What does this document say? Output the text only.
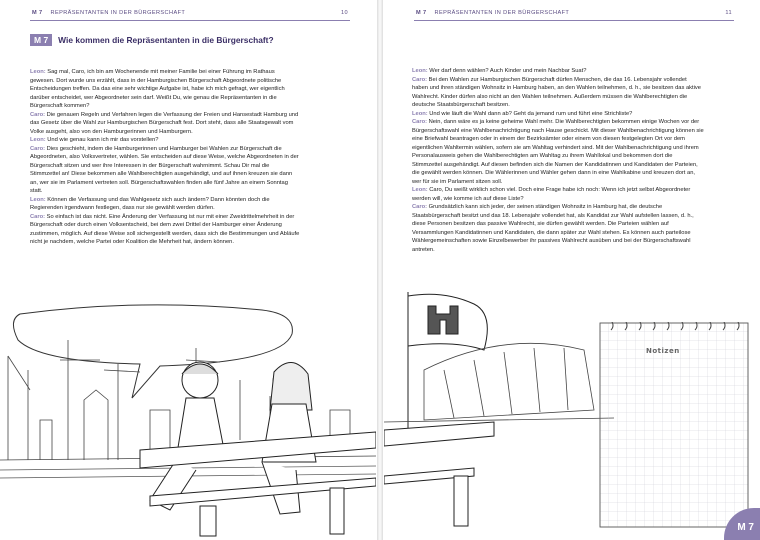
M 7 REPRÄSENTANTEN IN DER BÜRGERSCHAFT	10
M 7	Wie kommen die Repräsentanten in die Bürgerschaft?

Leon: Sag mal, Caro, ich bin am Wochenende mit meiner Familie bei einer Führung im Rathaus gewesen. Dort wurde uns erzählt, dass in der Hamburgischen Bürgerschaft Abgeordnete politische Entscheidungen treffen. Da das eine sehr wichtige Aufgabe ist, habe ich mich gefragt, wer eigentlich darüber entscheidet, wer Abgeordneter sein darf. Weißt Du, wie genau die Repräsentanten in die Bürgerschaft kommen?

Caro: Die genauen Regeln und Verfahren legen die Verfassung der Freien und Hansestadt Hamburg und das Gesetz über die Wahl zur Hamburgischen Bürgerschaft fest. Dort steht, dass alle Staatsgewalt vom Volke ausgeht, also von den Hamburgerinnen und Hamburgern.

Leon: Und wie genau kann ich mir das vorstellen?

Caro: Dies geschieht, indem die Hamburgerinnen und Hamburger bei Wahlen zur Bürgerschaft die Abgeordneten, also Volksvertreter, wählen. Sie entscheiden auf diese Weise, welche Abgeordneten in der Bürgerschaft sitzen und wer ihre Interessen in der Bürgerschaft wahrnimmt. Schau Dir mal die Stimmzettel an! Diese bekommen alle Wahlberechtigten ausgehändigt, und auf ihnen kreuzen sie dann an, wer sie im Parlament vertreten soll. Bürgerschaftswahlen finden alle fünf Jahre an einem Sonntag statt.

Leon: Können die Verfassung und das Wahlgesetz sich auch ändern? Dann könnten doch die Regierenden irgendwann festlegen, dass nur sie gewählt werden dürfen.

Caro: So einfach ist das nicht. Eine Änderung der Verfassung ist nur mit einer Zweidrittelmehrheit in der Bürgerschaft oder durch einen Volksentscheid, bei dem zwei Drittel der Hamburger einer Änderung zustimmen, möglich. Auf diese Weise soll sichergestellt werden, dass sich die Bestimmungen und Abläufe nicht je nachdem, welche Partei oder Koalition die Mehrheit hat, ändern können.

M 7 REPRÄSENTANTEN IN DER BÜRGERSCHAFT	11

Leon: Wer darf denn wählen? Auch Kinder und mein Nachbar Suat?

Caro: Bei den Wahlen zur Hamburgischen Bürgerschaft dürfen Menschen, die das 16. Lebensjahr vollendet haben und ihren ständigen Wohnsitz in Hamburg haben, an den Wahlen teilnehmen, d. h., sie besitzen das aktive Wahlrecht. Kinder dürfen also nicht an den Wahlen teilnehmen. Außerdem müssen die Wahlberechtigten die deutsche Staatsbürgerschaft besitzen.

Leon: Und wie läuft die Wahl dann ab? Geht da jemand rum und führt eine Strichliste?

Caro: Nein, dann wäre es ja keine geheime Wahl mehr. Die Wahlberechtigten bekommen einige Wochen vor der Bürgerschaftswahl eine Wahlbenachrichtigung nach Hause geschickt. Mit dieser Wahlbenachrichtigung können sie eine Briefwahl beantragen oder in einem der Bezirksämter oder einem von diesen festgelegten Ort vor dem eigentlichen Wahltermin wählen, sofern sie am Wahltag verhindert sind. Mit der Wahlbenachrichtigung und ihrem Personalausweis gehen die Wahlberechtigten am Wahltag zu ihrem Wahllokal und bekommen dort die Stimmzettel ausgehändigt. Auf diesen befinden sich die Namen der Kandidatinnen und Kandidaten der Parteien, die gewählt werden können. Die Wählerinnen und Wähler gehen dann in eine Wahlkabine und kreuzen dort an, wer für sie im Parlament sitzen soll.

Leon: Caro, Du weißt wirklich schon viel. Doch eine Frage habe ich noch: Wenn ich jetzt selbst Abgeordneter werden will, wie komme ich auf diese Liste?

Caro: Grundsätzlich kann sich jeder, der seinen ständigen Wohnsitz in Hamburg hat, die deutsche Staatsbürgerschaft besitzt und das 18. Lebensjahr vollendet hat, als Kandidat zur Wahl aufstellen lassen, d. h., diese Personen besitzen das passive Wahlrecht, sie dürfen gewählt werden. Die Parteien wählen auf Versammlungen Kandidatinnen und Kandidaten, die dann später zur Wahl stehen. Es können auch parteilose Wählergemeinschaften sowie Einzelbewerber ihr passives Wahlrecht ausüben und bei der Bürgerschaftswahl antreten.

Notizen
M 7
